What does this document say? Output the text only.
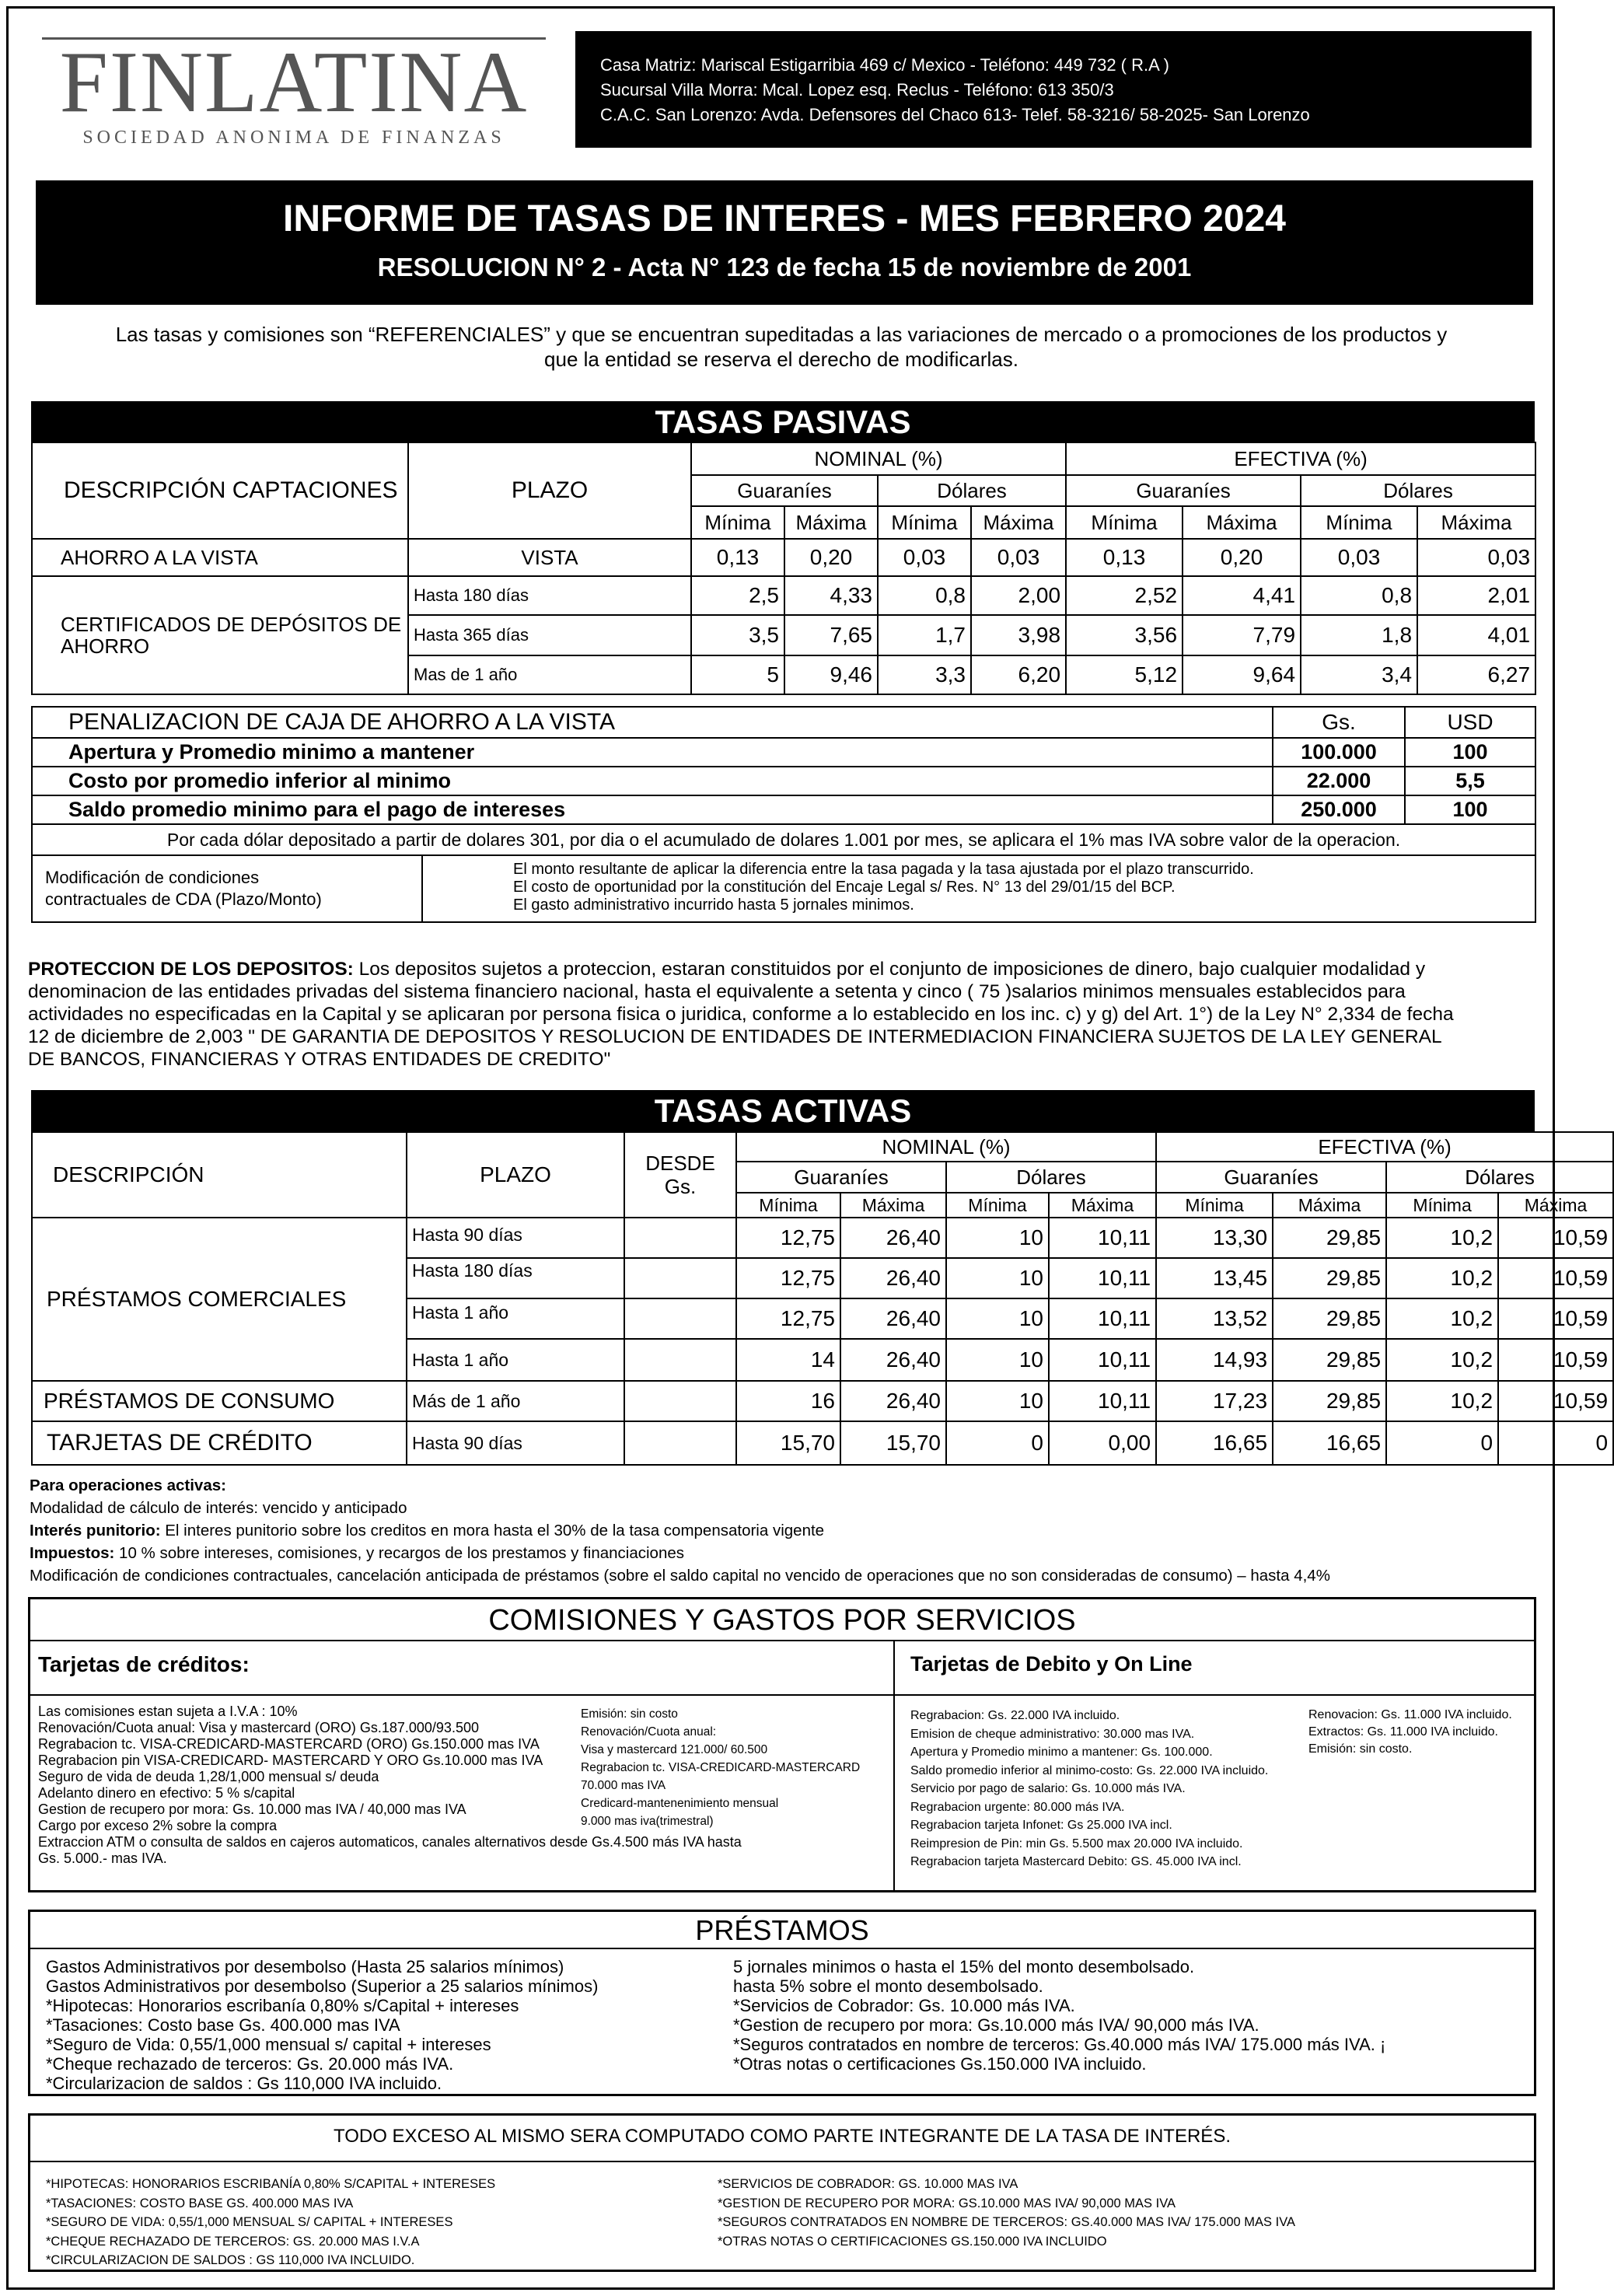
FINLATINA
SOCIEDAD ANONIMA DE FINANZAS
Casa Matriz: Mariscal Estigarribia 469 c/ Mexico - Teléfono: 449 732 ( R.A )
Sucursal Villa Morra: Mcal. Lopez esq. Reclus - Teléfono: 613 350/3
C.A.C. San Lorenzo: Avda. Defensores del Chaco 613- Telef. 58-3216/ 58-2025- San Lorenzo
INFORME DE TASAS DE INTERES - MES FEBRERO 2024
RESOLUCION N° 2 - Acta N° 123 de fecha 15 de noviembre de 2001
Las tasas y comisiones son “REFERENCIALES” y que se encuentran supeditadas a las variaciones de mercado o a promociones de los productos y
que la entidad se reserva el derecho de modificarlas.
TASAS PASIVAS
DESCRIPCIÓN CAPTACIONES	PLAZO	NOMINAL (%)				EFECTIVA (%)			
		Guaraníes		Dólares		Guaraníes		Dólares	
		Mínima	Máxima	Mínima	Máxima	Mínima	Máxima	Mínima	Máxima
AHORRO A LA VISTA	VISTA	0,13	0,20	0,03	0,03	0,13	0,20	0,03	0,03
CERTIFICADOS DE DEPÓSITOS DE AHORRO	Hasta 180 días	2,5	4,33	0,8	2,00	2,52	4,41	0,8	2,01
	Hasta 365 días	3,5	7,65	1,7	3,98	3,56	7,79	1,8	4,01
	Mas de 1 año	5	9,46	3,3	6,20	5,12	9,64	3,4	6,27
PENALIZACION DE CAJA DE AHORRO A LA VISTA	Gs.	USD
Apertura y Promedio minimo a mantener	100.000	100
Costo por promedio inferior al minimo	22.000	5,5
Saldo promedio minimo para el pago de intereses	250.000	100
Por cada dólar depositado a partir de dolares 301, por dia o el acumulado de dolares 1.001 por mes, se aplicara el 1% mas IVA sobre valor de la operacion.		
Modificación de condiciones
contractuales de CDA (Plazo/Monto)

El monto resultante de aplicar la diferencia entre la tasa pagada y la tasa ajustada por el plazo transcurrido.
El costo de oportunidad por la constitución del Encaje Legal s/ Res. N° 13 del 29/01/15 del BCP.
El gasto administrativo incurrido hasta 5 jornales minimos.
PROTECCION DE LOS DEPOSITOS: Los depositos sujetos a proteccion, estaran constituidos por el conjunto de imposiciones de dinero, bajo cualquier modalidad y
denominacion de las entidades privadas del sistema financiero nacional, hasta el equivalente a setenta y cinco ( 75 )salarios minimos mensuales establecidos para
actividades no especificadas en la Capital y se aplicaran por persona fisica o juridica, conforme a lo establecido en los inc. c) y g) del Art. 1°) de la Ley N° 2,334 de fecha
12 de diciembre de 2,003 " DE GARANTIA DE DEPOSITOS Y RESOLUCION DE ENTIDADES DE INTERMEDIACION FINANCIERA SUJETOS DE LA LEY GENERAL
DE BANCOS, FINANCIERAS Y OTRAS ENTIDADES DE CREDITO"
TASAS ACTIVAS
DESCRIPCIÓN	PLAZO	DESDE Gs.	NOMINAL (%)				EFECTIVA (%)			
			Guaraníes		Dólares		Guaraníes		Dólares	
			Mínima	Máxima	Mínima	Máxima	Mínima	Máxima	Mínima	Máxima
PRÉSTAMOS COMERCIALES	Hasta 90 días		12,75	26,40	10	10,11	13,30	29,85	10,2	10,59
	Hasta 180 días		12,75	26,40	10	10,11	13,45	29,85	10,2	10,59
	Hasta 1 año		12,75	26,40	10	10,11	13,52	29,85	10,2	10,59
	Hasta 1 año		14	26,40	10	10,11	14,93	29,85	10,2	10,59
PRÉSTAMOS DE CONSUMO	Más de 1 año		16	26,40	10	10,11	17,23	29,85	10,2	10,59
TARJETAS DE CRÉDITO	Hasta 90 días		15,70	15,70	0	0,00	16,65	16,65	0	0
Para operaciones activas:
Modalidad de cálculo de interés: vencido y anticipado
Interés punitorio: El interes punitorio sobre los creditos en mora hasta el 30% de la tasa compensatoria vigente
Impuestos: 10 % sobre intereses, comisiones, y recargos de los prestamos y financiaciones
Modificación de condiciones contractuales, cancelación anticipada de préstamos (sobre el saldo capital no vencido de operaciones que no son consideradas de consumo) – hasta 4,4%
COMISIONES Y GASTOS POR SERVICIOS
Tarjetas de créditos:
Las comisiones estan sujeta a I.V.A : 10%
Renovación/Cuota anual: Visa y mastercard (ORO) Gs.187.000/93.500
Regrabacion tc. VISA-CREDICARD-MASTERCARD (ORO) Gs.150.000 mas IVA
Regrabacion pin VISA-CREDICARD- MASTERCARD Y ORO Gs.10.000 mas IVA
Seguro de vida de deuda 1,28/1,000 mensual s/ deuda
Adelanto dinero en efectivo: 5 % s/capital
Gestion de recupero por mora: Gs. 10.000 mas IVA / 40,000 mas IVA
Cargo por exceso 2% sobre la compra
Extraccion ATM o consulta de saldos en cajeros automaticos, canales alternativos desde Gs.4.500 más IVA hasta
Gs. 5.000.- mas IVA.
Emisión: sin costo
Renovación/Cuota anual:
Visa y mastercard 121.000/ 60.500
Regrabacion tc. VISA-CREDICARD-MASTERCARD
70.000 mas IVA
Credicard-mantenenimiento mensual
9.000 mas iva(trimestral)
Tarjetas de Debito y On Line
Regrabacion: Gs. 22.000 IVA incluido.
Emision de cheque administrativo: 30.000 mas IVA.
Apertura y Promedio minimo a mantener: Gs. 100.000.
Saldo promedio inferior al minimo-costo: Gs. 22.000 IVA incluido.
Servicio por pago de salario: Gs. 10.000 más IVA.
Regrabacion urgente: 80.000 más IVA.
Regrabacion tarjeta Infonet: Gs 25.000 IVA incl.
Reimpresion de Pin: min Gs. 5.500 max 20.000 IVA incluido.
Regrabacion tarjeta Mastercard Debito: GS. 45.000 IVA incl.
Renovacion: Gs. 11.000 IVA incluido.
Extractos: Gs. 11.000 IVA incluido.
Emisión: sin costo.
PRÉSTAMOS
Gastos Administrativos por desembolso (Hasta 25 salarios mínimos)
Gastos Administrativos por desembolso (Superior a 25 salarios mínimos)
*Hipotecas: Honorarios escribanía 0,80% s/Capital + intereses
*Tasaciones: Costo base Gs. 400.000 mas IVA
*Seguro de Vida: 0,55/1,000 mensual s/ capital + intereses
*Cheque rechazado de terceros: Gs. 20.000 más IVA.
*Circularizacion de saldos : Gs 110,000 IVA incluido.
5 jornales minimos o hasta el 15% del monto desembolsado.
hasta 5% sobre el monto desembolsado.
*Servicios de Cobrador: Gs. 10.000 más IVA.
*Gestion de recupero por mora: Gs.10.000 más IVA/ 90,000 más IVA.
*Seguros contratados en nombre de terceros: Gs.40.000 más IVA/ 175.000 más IVA. ¡
*Otras notas o certificaciones Gs.150.000 IVA incluido.
TODO EXCESO AL MISMO SERA COMPUTADO COMO PARTE INTEGRANTE DE LA TASA DE INTERÉS.
*HIPOTECAS: HONORARIOS ESCRIBANÍA 0,80% S/CAPITAL + INTERESES
*TASACIONES: COSTO BASE GS. 400.000 MAS IVA
*SEGURO DE VIDA: 0,55/1,000 MENSUAL S/ CAPITAL + INTERESES
*CHEQUE RECHAZADO DE TERCEROS: GS. 20.000 MAS I.V.A
*CIRCULARIZACION DE SALDOS : GS 110,000 IVA INCLUIDO.
*SERVICIOS DE COBRADOR: GS. 10.000 MAS IVA
*GESTION DE RECUPERO POR MORA: GS.10.000 MAS IVA/ 90,000 MAS IVA
*SEGUROS CONTRATADOS EN NOMBRE DE TERCEROS: GS.40.000 MAS IVA/ 175.000 MAS IVA
*OTRAS NOTAS O CERTIFICACIONES GS.150.000 IVA INCLUIDO
